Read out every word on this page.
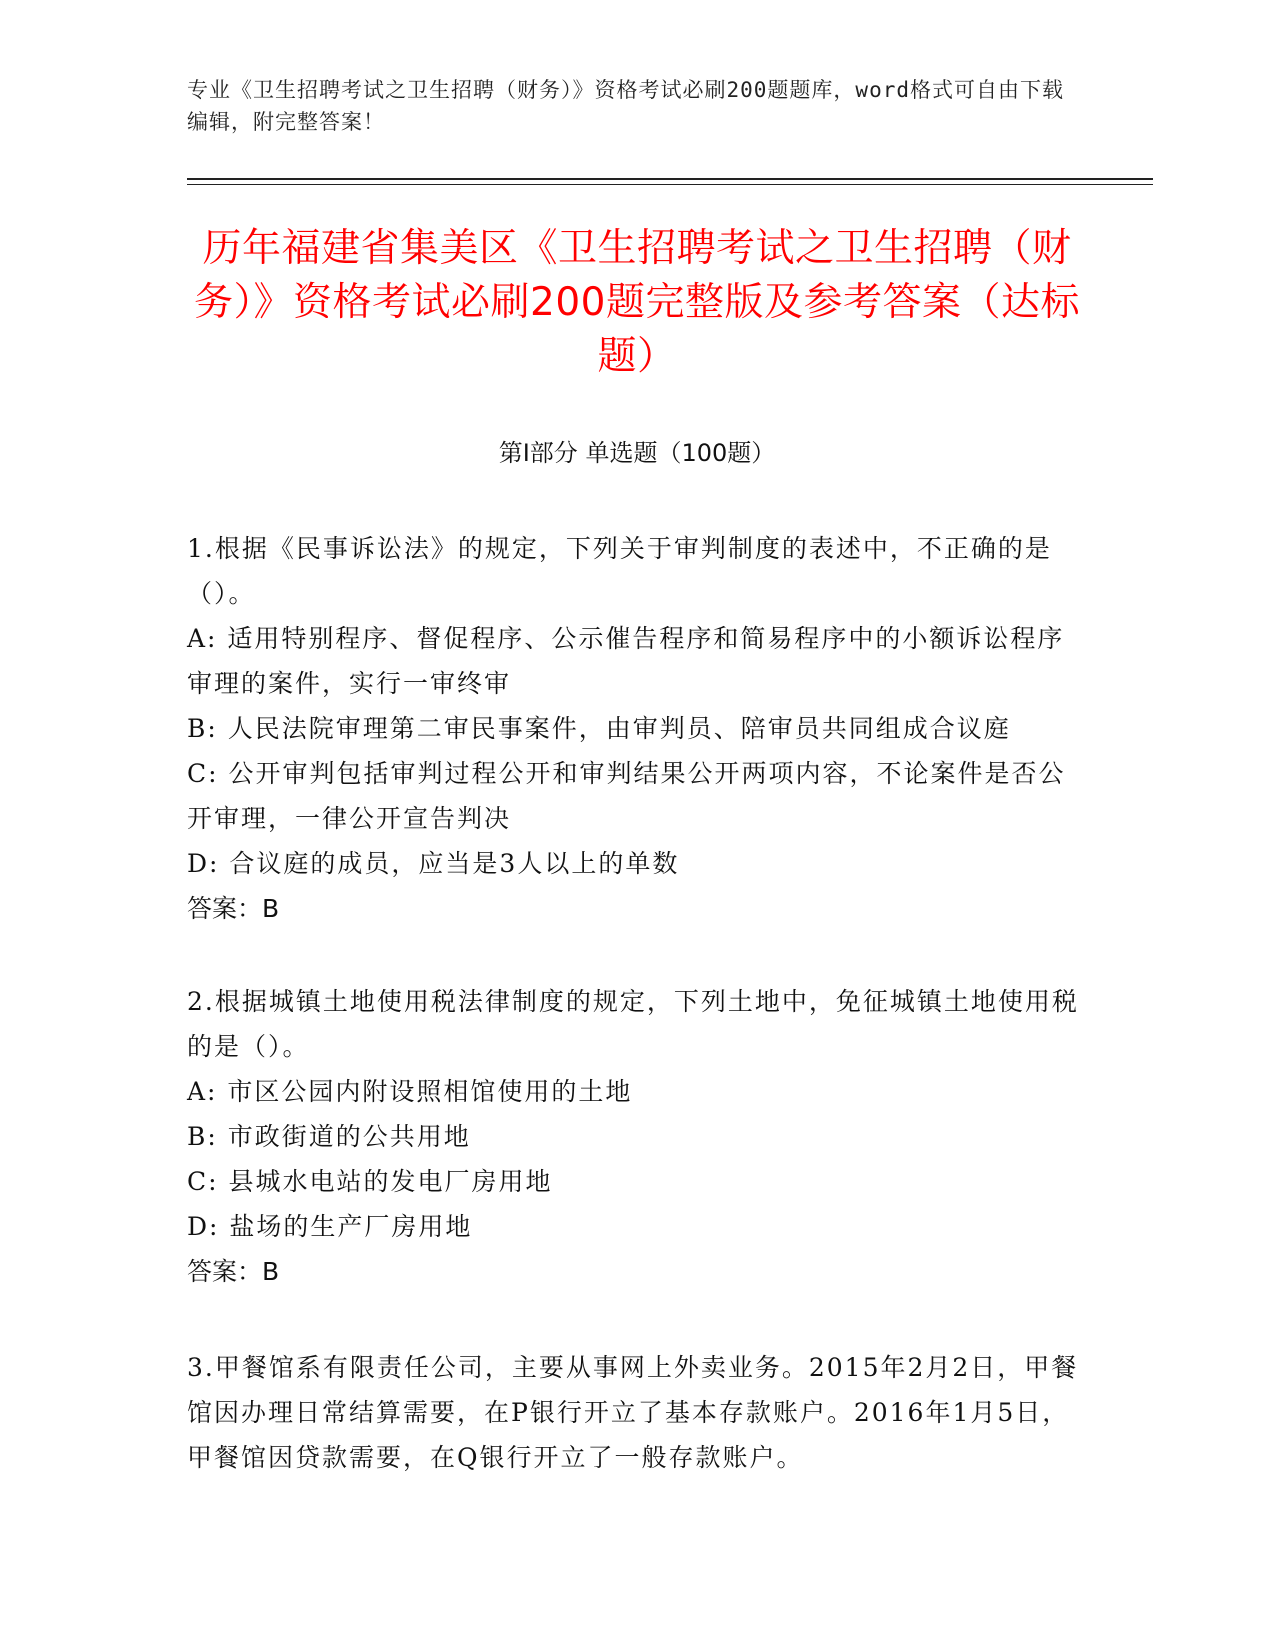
专业《卫生招聘考试之卫生招聘（财务）》资格考试必刷200题题库，word格式可自由下载编辑，附完整答案！
历年福建省集美区《卫生招聘考试之卫生招聘（财务）》资格考试必刷200题完整版及参考答案（达标题）
第I部分 单选题（100题）
1.根据《民事诉讼法》的规定，下列关于审判制度的表述中，不正确的是（）。
A: 适用特别程序、督促程序、公示催告程序和简易程序中的小额诉讼程序审理的案件，实行一审终审
B: 人民法院审理第二审民事案件，由审判员、陪审员共同组成合议庭
C: 公开审判包括审判过程公开和审判结果公开两项内容，不论案件是否公开审理，一律公开宣告判决
D: 合议庭的成员，应当是3人以上的单数
答案：B
2.根据城镇土地使用税法律制度的规定，下列土地中，免征城镇土地使用税的是（）。
A: 市区公园内附设照相馆使用的土地
B: 市政街道的公共用地
C: 县城水电站的发电厂房用地
D: 盐场的生产厂房用地
答案：B
3.甲餐馆系有限责任公司，主要从事网上外卖业务。2015年2月2日，甲餐馆因办理日常结算需要，在P银行开立了基本存款账户。2016年1月5日，甲餐馆因贷款需要，在Q银行开立了一般存款账户。
